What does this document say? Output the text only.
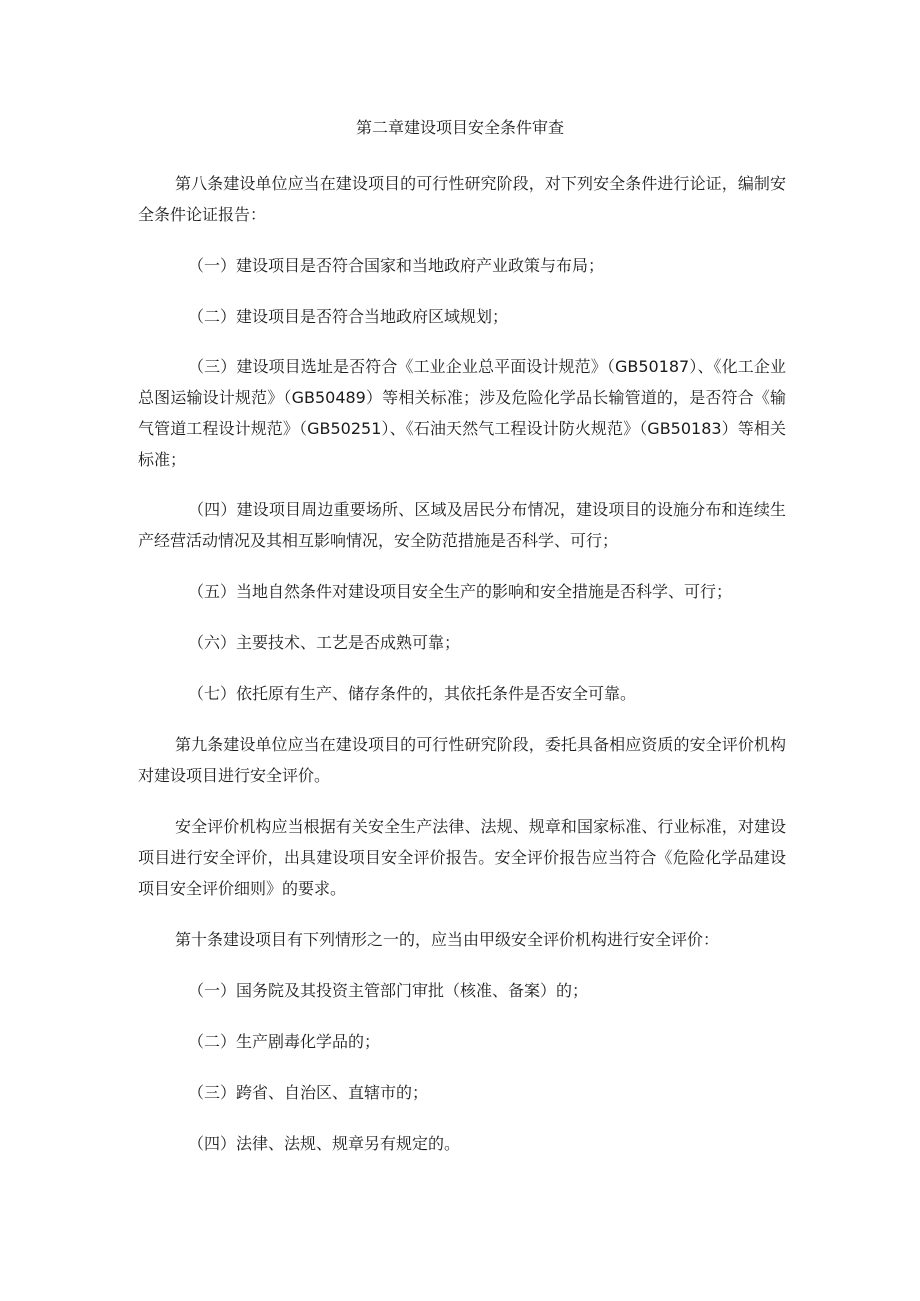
第二章建设项目安全条件审查

第八条建设单位应当在建设项目的可行性研究阶段，对下列安全条件进行论证，编制安全条件论证报告：

（一）建设项目是否符合国家和当地政府产业政策与布局；

（二）建设项目是否符合当地政府区域规划；

（三）建设项目选址是否符合《工业企业总平面设计规范》（GB50187）、《化工企业总图运输设计规范》（GB50489）等相关标准；涉及危险化学品长输管道的，是否符合《输气管道工程设计规范》（GB50251）、《石油天然气工程设计防火规范》（GB50183）等相关标准；

（四）建设项目周边重要场所、区域及居民分布情况，建设项目的设施分布和连续生产经营活动情况及其相互影响情况，安全防范措施是否科学、可行；

（五）当地自然条件对建设项目安全生产的影响和安全措施是否科学、可行；

（六）主要技术、工艺是否成熟可靠；

（七）依托原有生产、储存条件的，其依托条件是否安全可靠。

第九条建设单位应当在建设项目的可行性研究阶段，委托具备相应资质的安全评价机构对建设项目进行安全评价。

安全评价机构应当根据有关安全生产法律、法规、规章和国家标准、行业标准，对建设项目进行安全评价，出具建设项目安全评价报告。安全评价报告应当符合《危险化学品建设项目安全评价细则》的要求。

第十条建设项目有下列情形之一的，应当由甲级安全评价机构进行安全评价：

（一）国务院及其投资主管部门审批（核准、备案）的；

（二）生产剧毒化学品的；

（三）跨省、自治区、直辖市的；

（四）法律、法规、规章另有规定的。
